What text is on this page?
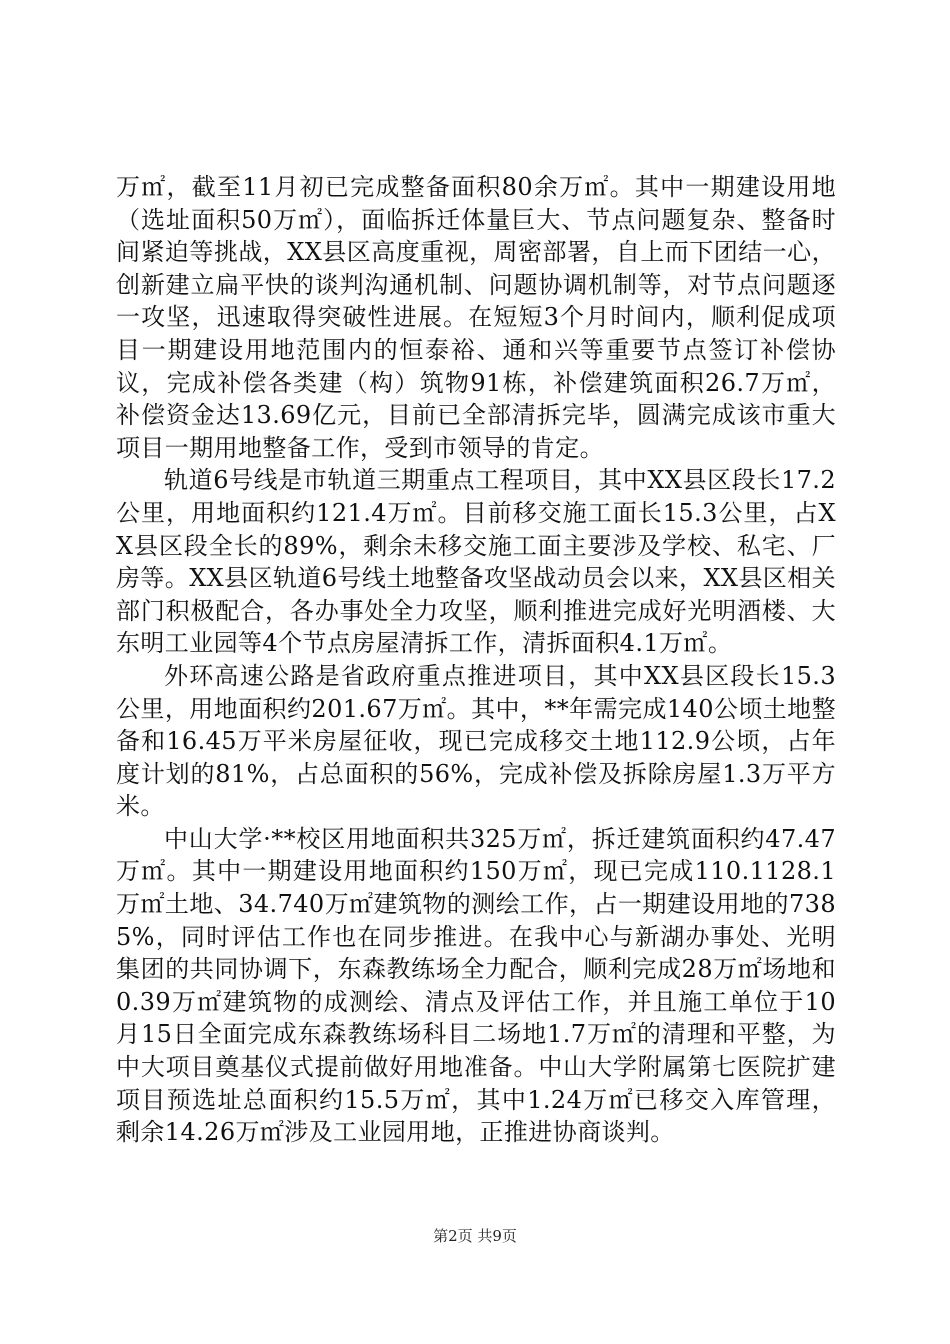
万㎡，截至11月初已完成整备面积80余万㎡。其中一期建设用地（选址面积50万㎡），面临拆迁体量巨大、节点问题复杂、整备时间紧迫等挑战，XX县区高度重视，周密部署，自上而下团结一心，创新建立扁平快的谈判沟通机制、问题协调机制等，对节点问题逐一攻坚，迅速取得突破性进展。在短短3个月时间内，顺利促成项目一期建设用地范围内的恒泰裕、通和兴等重要节点签订补偿协议，完成补偿各类建（构）筑物91栋，补偿建筑面积26.7万㎡，补偿资金达13.69亿元，目前已全部清拆完毕，圆满完成该市重大项目一期用地整备工作，受到市领导的肯定。

轨道6号线是市轨道三期重点工程项目，其中XX县区段长17.2公里，用地面积约121.4万㎡。目前移交施工面长15.3公里，占XX县区段全长的89%，剩余未移交施工面主要涉及学校、私宅、厂房等。XX县区轨道6号线土地整备攻坚战动员会以来，XX县区相关部门积极配合，各办事处全力攻坚，顺利推进完成好光明酒楼、大东明工业园等4个节点房屋清拆工作，清拆面积4.1万㎡。

外环高速公路是省政府重点推进项目，其中XX县区段长15.3公里，用地面积约201.67万㎡。其中，**年需完成140公顷土地整备和16.45万平米房屋征收，现已完成移交土地112.9公顷，占年度计划的81%，占总面积的56%，完成补偿及拆除房屋1.3万平方米。

中山大学·**校区用地面积共325万㎡，拆迁建筑面积约47.47万㎡。其中一期建设用地面积约150万㎡，现已完成110.1128.1万㎡土地、34.740万㎡建筑物的测绘工作，占一期建设用地的7385%，同时评估工作也在同步推进。在我中心与新湖办事处、光明集团的共同协调下，东森教练场全力配合，顺利完成28万㎡场地和0.39万㎡建筑物的成测绘、清点及评估工作，并且施工单位于10月15日全面完成东森教练场科目二场地1.7万㎡的清理和平整，为中大项目奠基仪式提前做好用地准备。中山大学附属第七医院扩建项目预选址总面积约15.5万㎡，其中1.24万㎡已移交入库管理，剩余14.26万㎡涉及工业园用地，正推进协商谈判。

第2页 共9页
